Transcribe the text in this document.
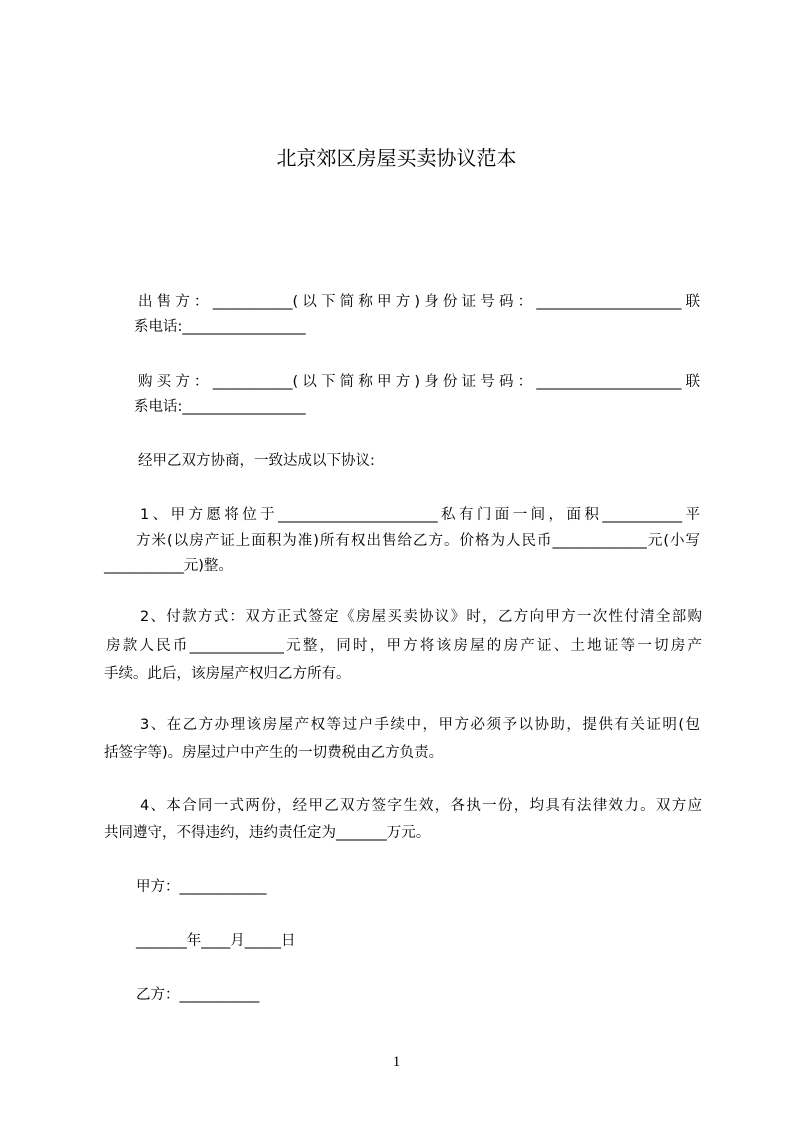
北京郊区房屋买卖协议范本
出售方：___________(以下简称甲方)身份证号码：____________________联
系电话:_________________
购买方：___________(以下简称甲方)身份证号码：____________________联
系电话:_________________
经甲乙双方协商，一致达成以下协议:
1、甲方愿将位于______________________私有门面一间，面积___________平
方米(以房产证上面积为准)所有权出售给乙方。价格为人民币_____________元(小写
___________元)整。
2、付款方式：双方正式签定《房屋买卖协议》时，乙方向甲方一次性付清全部购
房款人民币_____________元整，同时，甲方将该房屋的房产证、土地证等一切房产
手续。此后，该房屋产权归乙方所有。
3、在乙方办理该房屋产权等过户手续中，甲方必须予以协助，提供有关证明(包
括签字等)。房屋过户中产生的一切费税由乙方负责。
4、本合同一式两份，经甲乙双方签字生效，各执一份，均具有法律效力。双方应
共同遵守，不得违约，违约责任定为_______万元。
甲方：____________
_______年____月_____日
乙方：___________
1
